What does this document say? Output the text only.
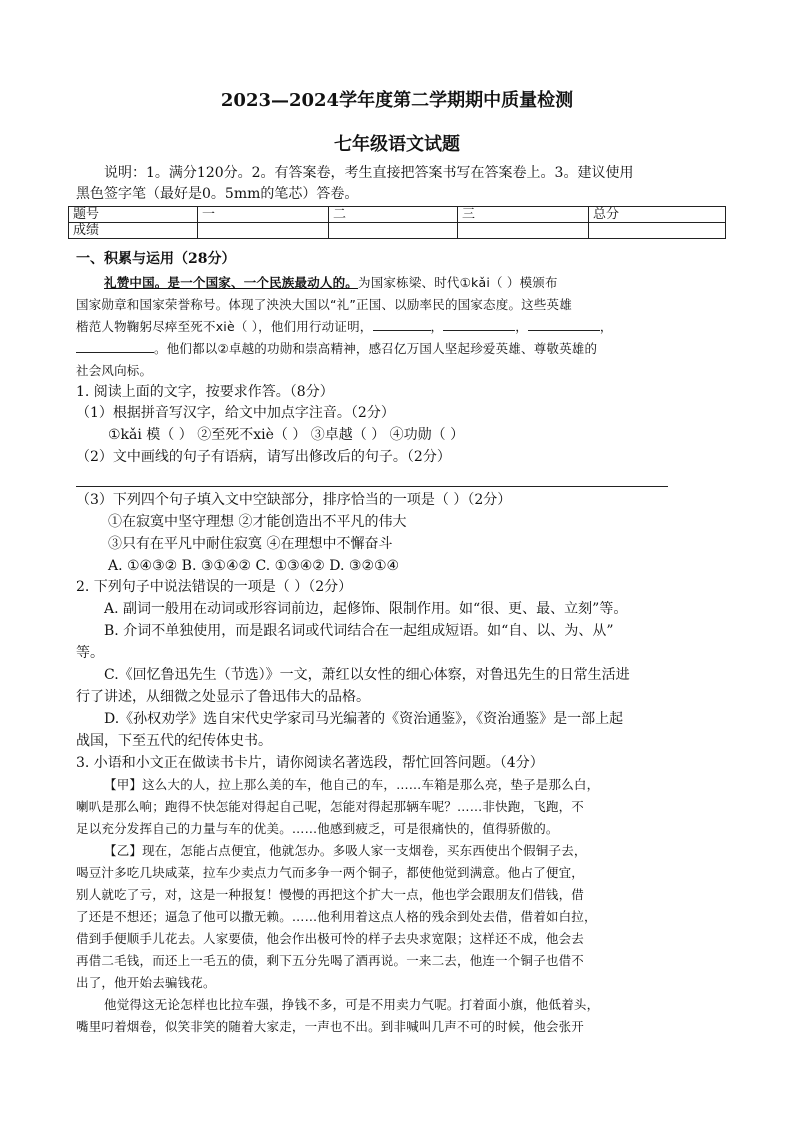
2023—2024学年度第二学期期中质量检测
七年级语文试题
说明：1。满分120分。2。有答案卷，考生直接把答案书写在答案卷上。3。建议使用
黑色签字笔（最好是0。5mm的笔芯）答卷。
题号	一	二	三	总分
成绩				
一、积累与运用（28分）
礼赞中国。是一个国家、一个民族最动人的。为国家栋梁、时代①kǎi（ ）模颁布
国家勋章和国家荣誉称号。体现了泱泱大国以“礼”正国、以励率民的国家态度。这些英雄
楷范人物鞠躬尽瘁至死不xiè（ ），他们用行动证明，	，	，	，
。他们都以②卓越的功勋和崇高精神，感召亿万国人坚起珍爱英雄、尊敬英雄的
社会风向标。
1. 阅读上面的文字，按要求作答。（8分）
（1）根据拼音写汉字，给文中加点字注音。（2分）
①kǎi 模（ ） ②至死不xiè（ ） ③卓越（ ） ④功勋（ ）
（2）文中画线的句子有语病，请写出修改后的句子。（2分）
（3）下列四个句子填入文中空缺部分，排序恰当的一项是（ ）（2分）
①在寂寞中坚守理想 ②才能创造出不平凡的伟大
③只有在平凡中耐住寂寞 ④在理想中不懈奋斗
A. ①④③② B. ③①④② C. ①③④② D. ③②①④
2. 下列句子中说法错误的一项是（ ）（2分）
A. 副词一般用在动词或形容词前边，起修饰、限制作用。如“很、更、最、立刻”等。
B. 介词不单独使用，而是跟名词或代词结合在一起组成短语。如“自、以、为、从”
等。
C.《回忆鲁迅先生（节选）》一文，萧红以女性的细心体察，对鲁迅先生的日常生活进
行了讲述，从细微之处显示了鲁迅伟大的品格。
D.《孙权劝学》选自宋代史学家司马光编著的《资治通鉴》，《资治通鉴》是一部上起
战国，下至五代的纪传体史书。
3. 小语和小文正在做读书卡片，请你阅读名著选段，帮忙回答问题。（4分）
【甲】这么大的人，拉上那么美的车，他自己的车，……车箱是那么亮，垫子是那么白，
喇叭是那么响；跑得不快怎能对得起自己呢，怎能对得起那辆车呢？……非快跑，飞跑，不
足以充分发挥自己的力量与车的优美。……他感到疲乏，可是很痛快的，值得骄傲的。
【乙】现在，怎能占点便宜，他就怎办。多吸人家一支烟卷，买东西使出个假铜子去，
喝豆汁多吃几块咸菜，拉车少卖点力气而多争一两个铜子，都使他觉到满意。他占了便宜，
别人就吃了亏，对，这是一种报复！慢慢的再把这个扩大一点，他也学会跟朋友们借钱，借
了还是不想还；逼急了他可以撒无赖。……他利用着这点人格的残余到处去借，借着如白拉，
借到手便顺手儿花去。人家要债，他会作出极可怜的样子去央求宽限；这样还不成，他会去
再借二毛钱，而还上一毛五的债，剩下五分先喝了酒再说。一来二去，他连一个铜子也借不
出了，他开始去骗钱花。
他觉得这无论怎样也比拉车强，挣钱不多，可是不用卖力气呢。打着面小旗，他低着头，
嘴里叼着烟卷，似笑非笑的随着大家走，一声也不出。到非喊叫几声不可的时候，他会张开
